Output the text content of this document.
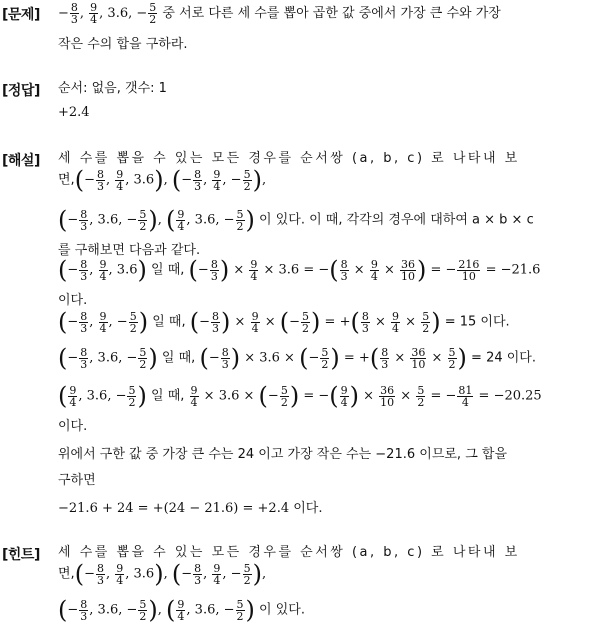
[문제] − $\frac{8}{3}$ , $\frac{9}{4}$ , 3.6, − $\frac{5}{2}$ 중 서로 다른 세 수를 뽑아 곱한 값 중에서 가장 큰 수와 가장
작은 수의 합을 구하라.
[정답] 순서: 없음, 갯수: 1
+2.4
[해설] 세 수를 뽑을 수 있는 모든 경우를 순서쌍 (a, b, c) 로 나타내 보
면,(− $\frac{8}{3}$ , $\frac{9}{4}$ , 3.6), (− $\frac{8}{3}$ , $\frac{9}{4}$ , − $\frac{5}{2}$ ),
(− $\frac{8}{3}$ , 3.6, − $\frac{5}{2}$ ), ( $\frac{9}{4}$ , 3.6, − $\frac{5}{2}$ ) 이 있다. 이 때, 각각의 경우에 대하여 a × b × c
를 구해보면 다음과 같다.
(− $\frac{8}{3}$ , $\frac{9}{4}$ , 3.6) 일 때, (− $\frac{8}{3}$ ) × $\frac{9}{4} \times 3.6$ = −( $\frac{8}{3} \times \frac{9}{4} \times \frac{36}{10}$ ) = − $\frac{216}{10} = -21.6$
이다.
(− $\frac{8}{3}$ , $\frac{9}{4}$ , − $\frac{5}{2}$ ) 일 때, (− $\frac{8}{3}$ ) × $\frac{9}{4}$ × (− $\frac{5}{2}$ ) = +( $\frac{8}{3} \times \frac{9}{4} \times \frac{5}{2}$ ) = 15 이다.
(− $\frac{8}{3}$ , 3.6, − $\frac{5}{2}$ ) 일 때, (− $\frac{8}{3}$ ) × 3.6 × (− $\frac{5}{2}$ ) = +( $\frac{8}{3} \times \frac{36}{10} \times \frac{5}{2}$ ) = 24 이다.
( $\frac{9}{4}$ , 3.6, − $\frac{5}{2}$ ) 일 때, $\frac{9}{4} \times 3.6$ × (− $\frac{5}{2}$ ) = −( $\frac{9}{4}$ ) × $\frac{36}{10} \times \frac{5}{2}$ = − $\frac{81}{4} = -20.25$
이다.
위에서 구한 값 중 가장 큰 수는 24 이고 가장 작은 수는 −21.6 이므로, 그 합을
구하면
−21.6 + 24 = +(24 − 21.6) = +2.4 이다.
[힌트] 세 수를 뽑을 수 있는 모든 경우를 순서쌍 (a, b, c) 로 나타내 보
면,(− $\frac{8}{3}$ , $\frac{9}{4}$ , 3.6), (− $\frac{8}{3}$ , $\frac{9}{4}$ , − $\frac{5}{2}$ ),
(− $\frac{8}{3}$ , 3.6, − $\frac{5}{2}$ ), ( $\frac{9}{4}$ , 3.6, − $\frac{5}{2}$ ) 이 있다.
